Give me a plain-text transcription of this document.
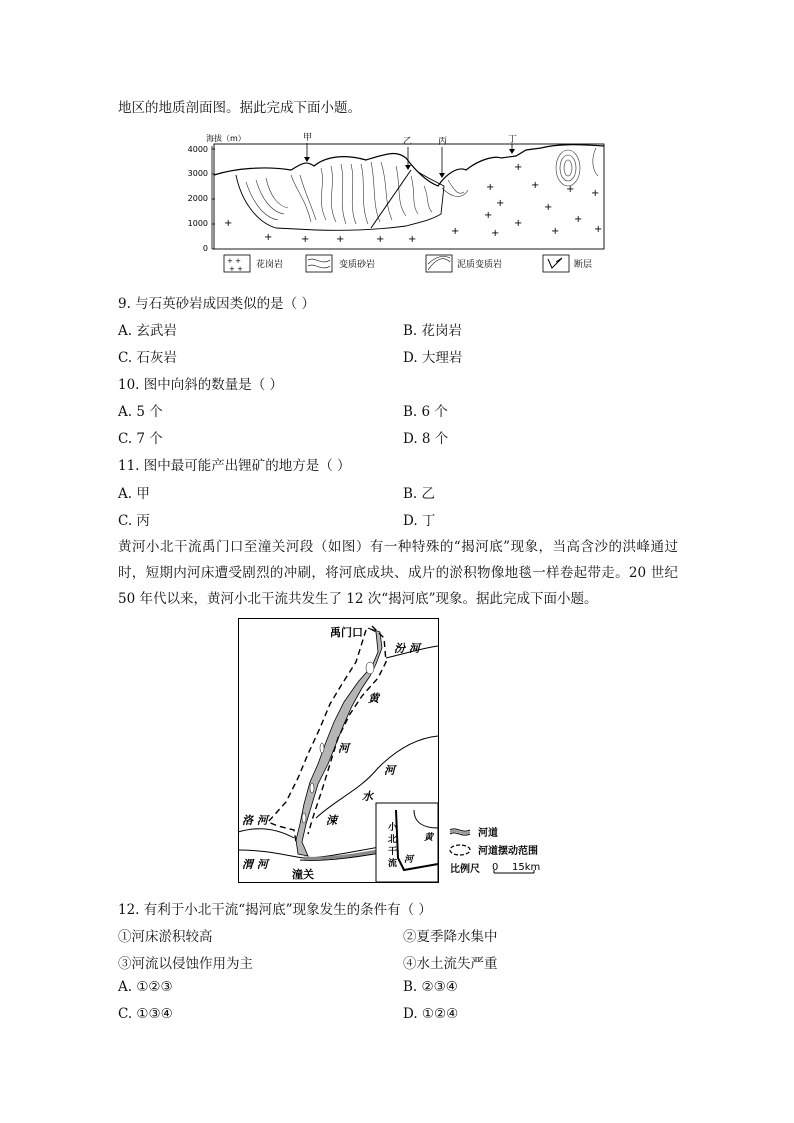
地区的地质剖面图。据此完成下面小题。
海拔（m）
4000
3000
2000
1000
0
+
+	+	+	+ +
+
+
+
+
+
+
+
+
+ +
+
+
+	+
甲	乙	丙	丁
+ +
+ + 花岗岩	变质砂岩	泥质变质岩	断层
9. 与石英砂岩成因类似的是（ ）
A. 玄武岩	B. 花岗岩
C. 石灰岩	D. 大理岩
10. 图中向斜的数量是（ ）
A. 5 个	B. 6 个
C. 7 个	D. 8 个
11. 图中最可能产出锂矿的地方是（ ）
A. 甲	B. 乙
C. 丙	D. 丁
黄河小北干流禹门口至潼关河段（如图）有一种特殊的“揭河底”现象，当高含沙的洪峰通过时，短期内河床遭受剧烈的冲刷，将河底成块、成片的淤积物像地毯一样卷起带走。20 世纪 50 年代以来，黄河小北干流共发生了 12 次“揭河底”现象。据此完成下面小题。
禹门口
汾 河
黄
河
河
水
涑
洛 河
渭 河
潼关
小
北
干
流
黄
河
河道
河道摆动范围
比例尺 0 15km
12. 有利于小北干流“揭河底”现象发生的条件有（ ）
①河床淤积较高	②夏季降水集中
③河流以侵蚀作用为主	④水土流失严重
A. ①②③	B. ②③④
C. ①③④	D. ①②④
